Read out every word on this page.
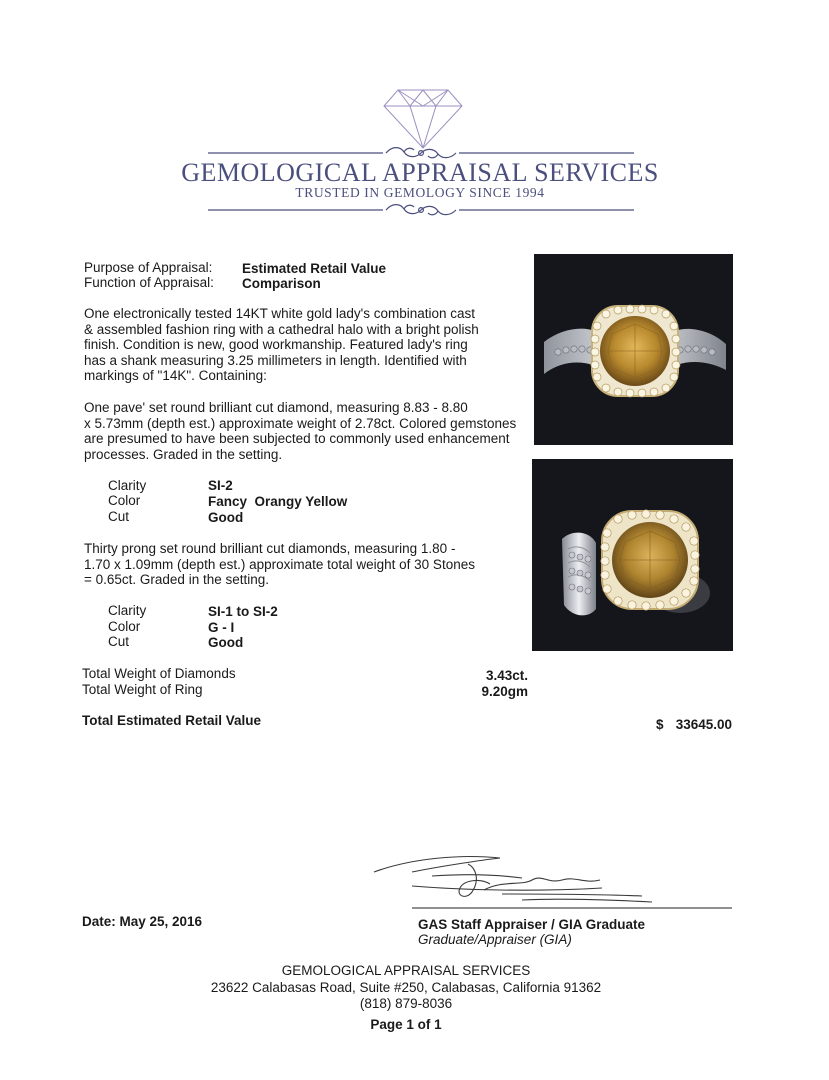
GEMOLOGICAL APPRAISAL SERVICES
TRUSTED IN GEMOLOGY SINCE 1994
Purpose of Appraisal: Estimated Retail Value
Function of Appraisal: Comparison
One electronically tested 14KT white gold lady's combination cast
& assembled fashion ring with a cathedral halo with a bright polish
finish. Condition is new, good workmanship. Featured lady's ring
has a shank measuring 3.25 millimeters in length. Identified with
markings of "14K". Containing:
One pave' set round brilliant cut diamond, measuring 8.83 - 8.80
x 5.73mm (depth est.) approximate weight of 2.78ct. Colored gemstones
are presumed to have been subjected to commonly used enhancement
processes. Graded in the setting.
Clarity	SI-2
Color	Fancy  Orangy Yellow
Cut	Good
Thirty prong set round brilliant cut diamonds, measuring 1.80 -
1.70 x 1.09mm (depth est.) approximate total weight of 30 Stones
= 0.65ct. Graded in the setting.
Clarity	SI-1 to SI-2
Color	G - I
Cut	Good
Total Weight of Diamonds	3.43ct.
Total Weight of Ring	9.20gm
Total Estimated Retail Value	$ 33645.00
Date: May 25, 2016	GAS Staff Appraiser / GIA Graduate
Graduate/Appraiser (GIA)
GEMOLOGICAL APPRAISAL SERVICES
23622 Calabasas Road, Suite #250, Calabasas, California 91362
(818) 879-8036
Page 1 of 1
